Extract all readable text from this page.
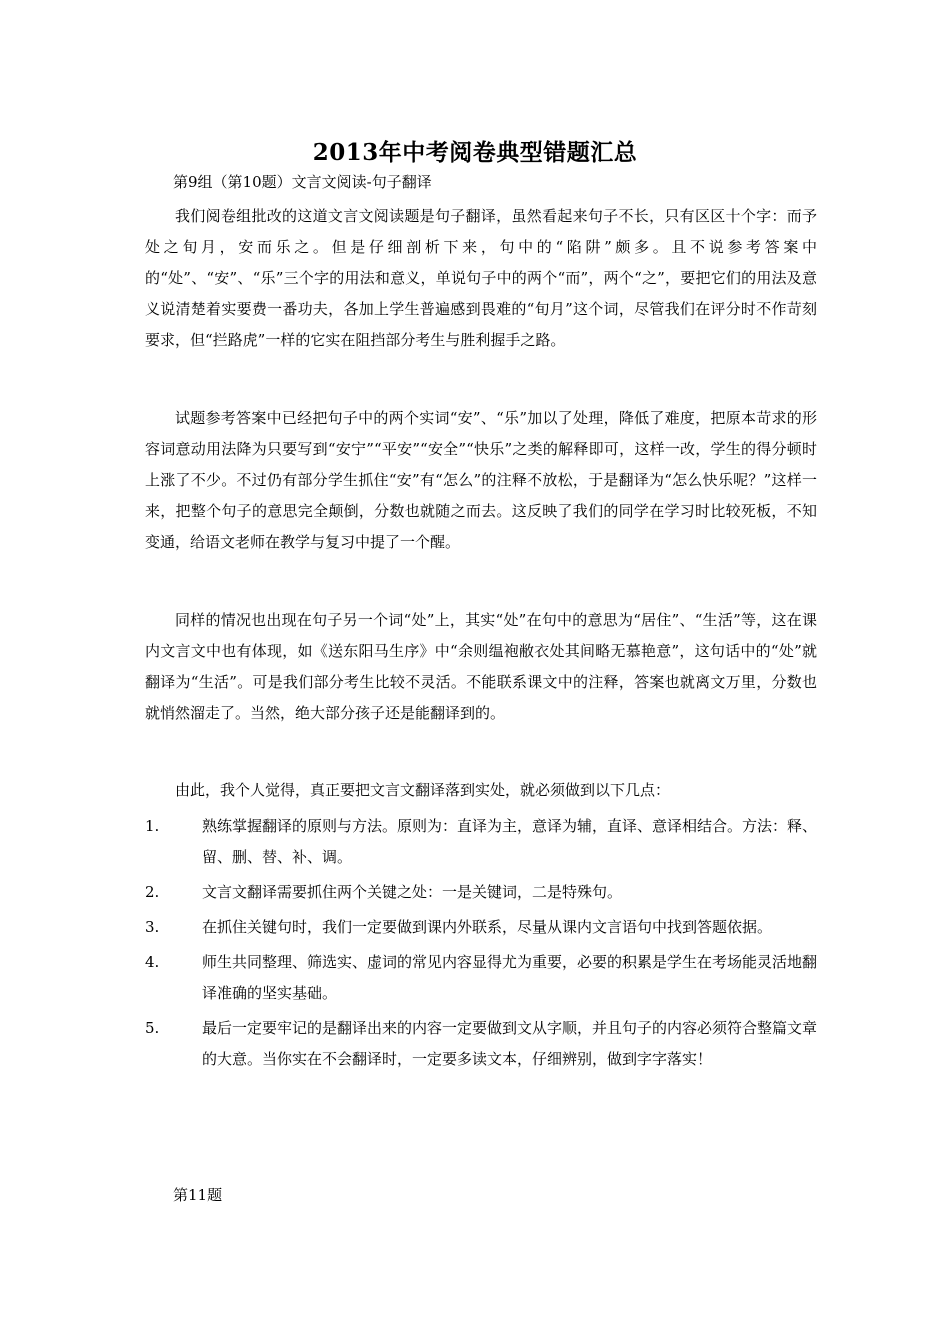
2013年中考阅卷典型错题汇总
第9组（第10题）文言文阅读-句子翻译
我们阅卷组批改的这道文言文阅读题是句子翻译，虽然看起来句子不长，只有区区十个字：而予处之旬月，安而乐之。但是仔细剖析下来，句中的“陷阱”颇多。且不说参考答案中的“处”、“安”、“乐”三个字的用法和意义，单说句子中的两个“而”，两个“之”，要把它们的用法及意义说清楚着实要费一番功夫，各加上学生普遍感到畏难的“旬月”这个词，尽管我们在评分时不作苛刻要求，但“拦路虎”一样的它实在阻挡部分考生与胜利握手之路。
试题参考答案中已经把句子中的两个实词“安”、“乐”加以了处理，降低了难度，把原本苛求的形容词意动用法降为只要写到“安宁”“平安”“安全”“快乐”之类的解释即可，这样一改，学生的得分顿时上涨了不少。不过仍有部分学生抓住“安”有“怎么”的注释不放松，于是翻译为“怎么快乐呢？”这样一来，把整个句子的意思完全颠倒，分数也就随之而去。这反映了我们的同学在学习时比较死板，不知变通，给语文老师在教学与复习中提了一个醒。
同样的情况也出现在句子另一个词“处”上，其实“处”在句中的意思为“居住”、“生活”等，这在课内文言文中也有体现，如《送东阳马生序》中“余则缊袍敝衣处其间略无慕艳意”，这句话中的“处”就翻译为“生活”。可是我们部分考生比较不灵活。不能联系课文中的注释，答案也就离文万里，分数也就悄然溜走了。当然，绝大部分孩子还是能翻译到的。
由此，我个人觉得，真正要把文言文翻译落到实处，就必须做到以下几点：
1.	熟练掌握翻译的原则与方法。原则为：直译为主，意译为辅，直译、意译相结合。方法：释、留、删、替、补、调。
2.	文言文翻译需要抓住两个关键之处：一是关键词，二是特殊句。
3.	在抓住关键句时，我们一定要做到课内外联系，尽量从课内文言语句中找到答题依据。
4.	师生共同整理、筛选实、虚词的常见内容显得尤为重要，必要的积累是学生在考场能灵活地翻译准确的坚实基础。
5.	最后一定要牢记的是翻译出来的内容一定要做到文从字顺，并且句子的内容必须符合整篇文章的大意。当你实在不会翻译时，一定要多读文本，仔细辨别，做到字字落实！
第11题
